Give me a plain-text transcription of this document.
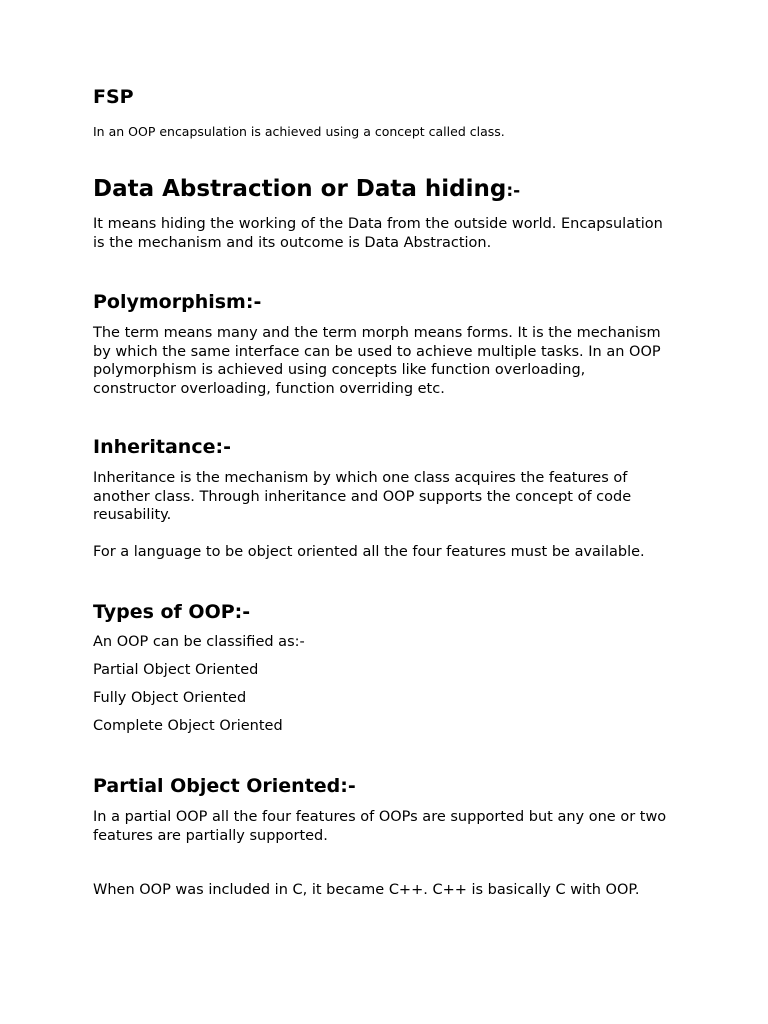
FSP

In an OOP encapsulation is achieved using a concept called class.

Data Abstraction or Data hiding:-

It means hiding the working of the Data from the outside world. Encapsulation is the mechanism and its outcome is Data Abstraction.

Polymorphism:-

The term means many and the term morph means forms. It is the mechanism by which the same interface can be used to achieve multiple tasks. In an OOP polymorphism is achieved using concepts like function overloading, constructor overloading, function overriding etc.

Inheritance:-

Inheritance is the mechanism by which one class acquires the features of another class. Through inheritance and OOP supports the concept of code reusability.

For a language to be object oriented all the four features must be available.

Types of OOP:-

An OOP can be classified as:-

Partial Object Oriented

Fully Object Oriented

Complete Object Oriented

Partial Object Oriented:-

In a partial OOP all the four features of OOPs are supported but any one or two features are partially supported.

When OOP was included in C, it became C++. C++ is basically C with OOP.
